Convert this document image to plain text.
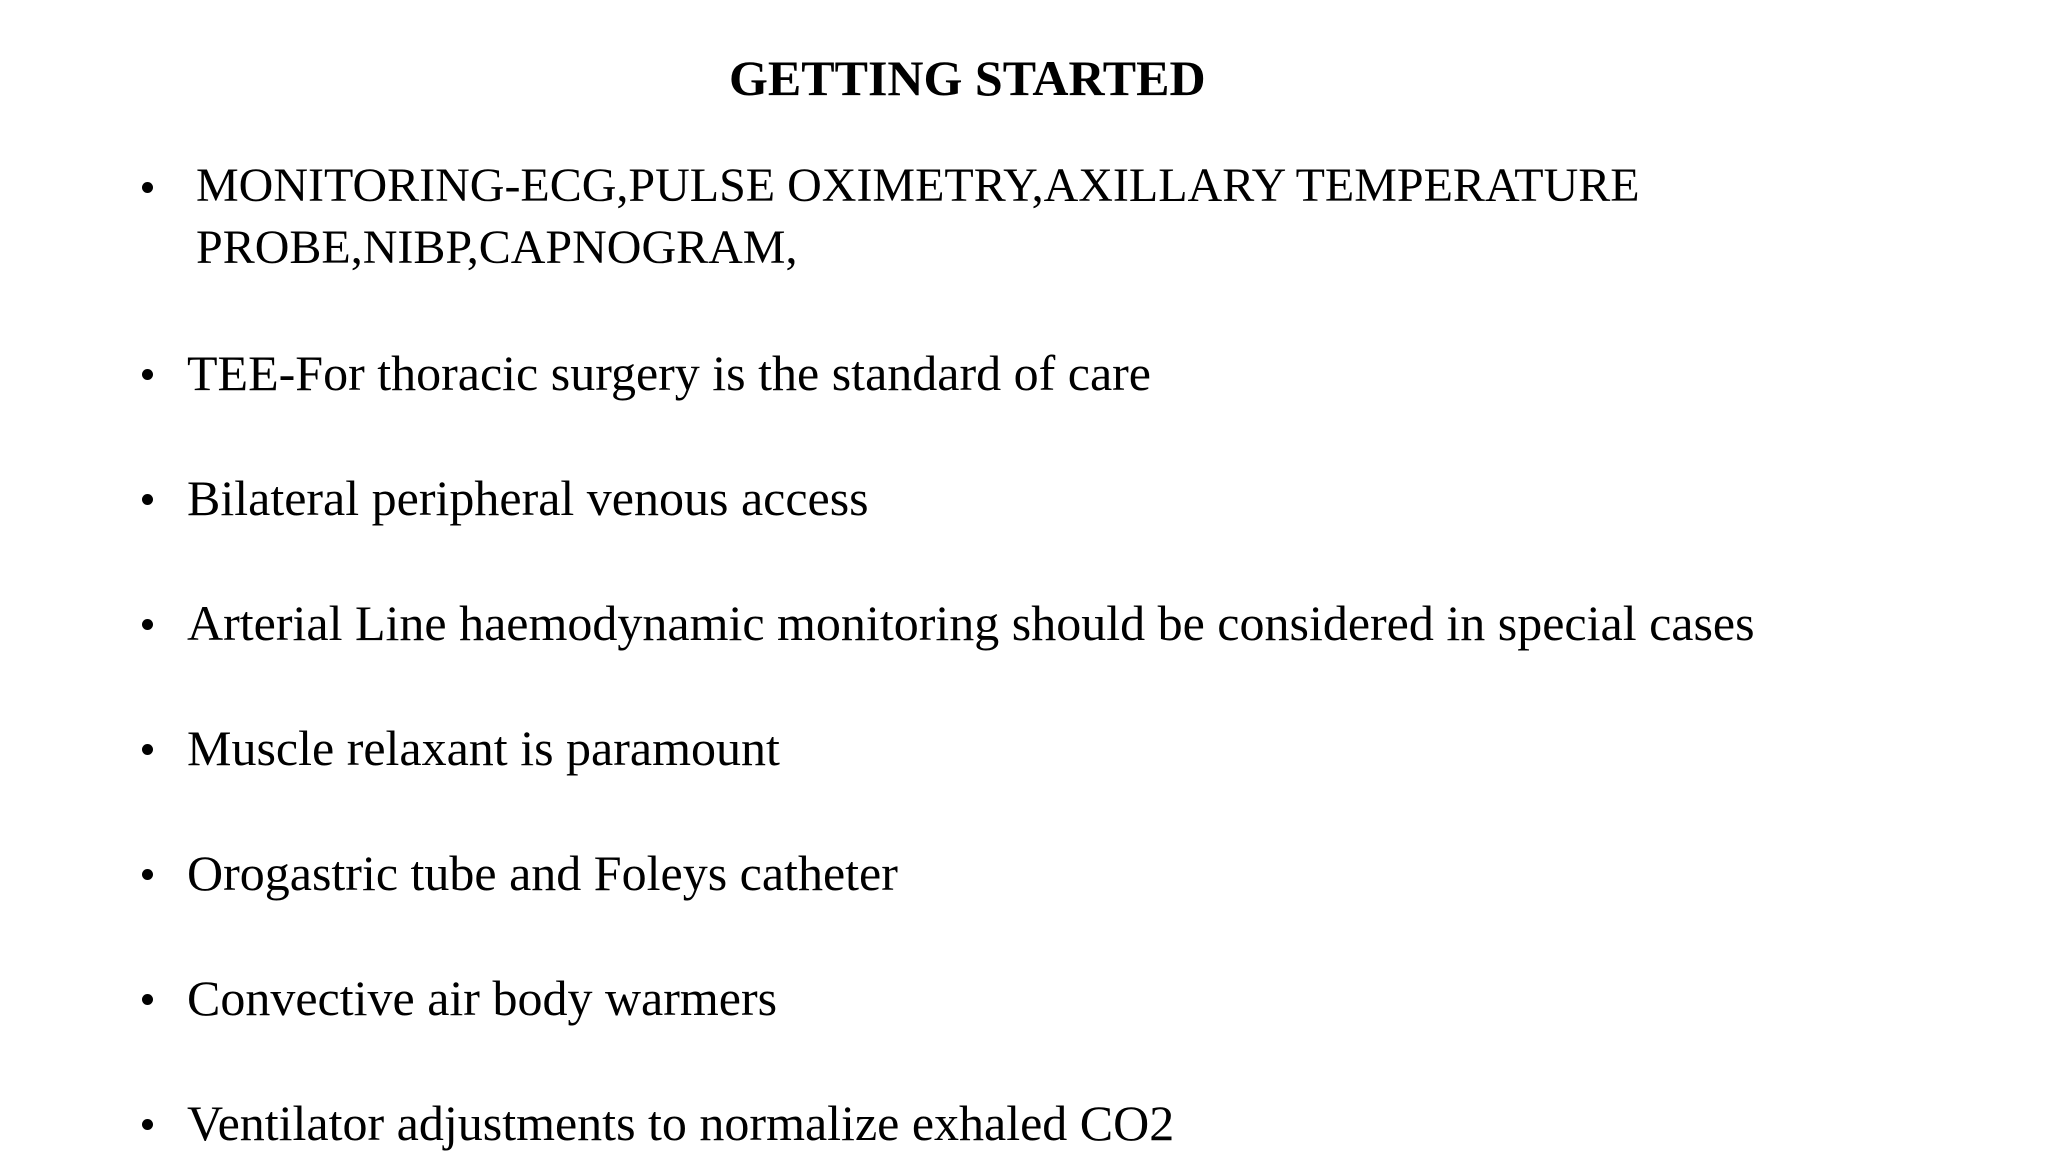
GETTING STARTED
MONITORING-ECG,PULSE OXIMETRY,AXILLARY TEMPERATURE
PROBE,NIBP,CAPNOGRAM,
TEE-For thoracic surgery is the standard of care
Bilateral peripheral venous access
Arterial Line haemodynamic monitoring should be considered in special cases
Muscle relaxant is paramount
Orogastric tube and Foleys catheter
Convective air body warmers
Ventilator adjustments to normalize exhaled CO2
